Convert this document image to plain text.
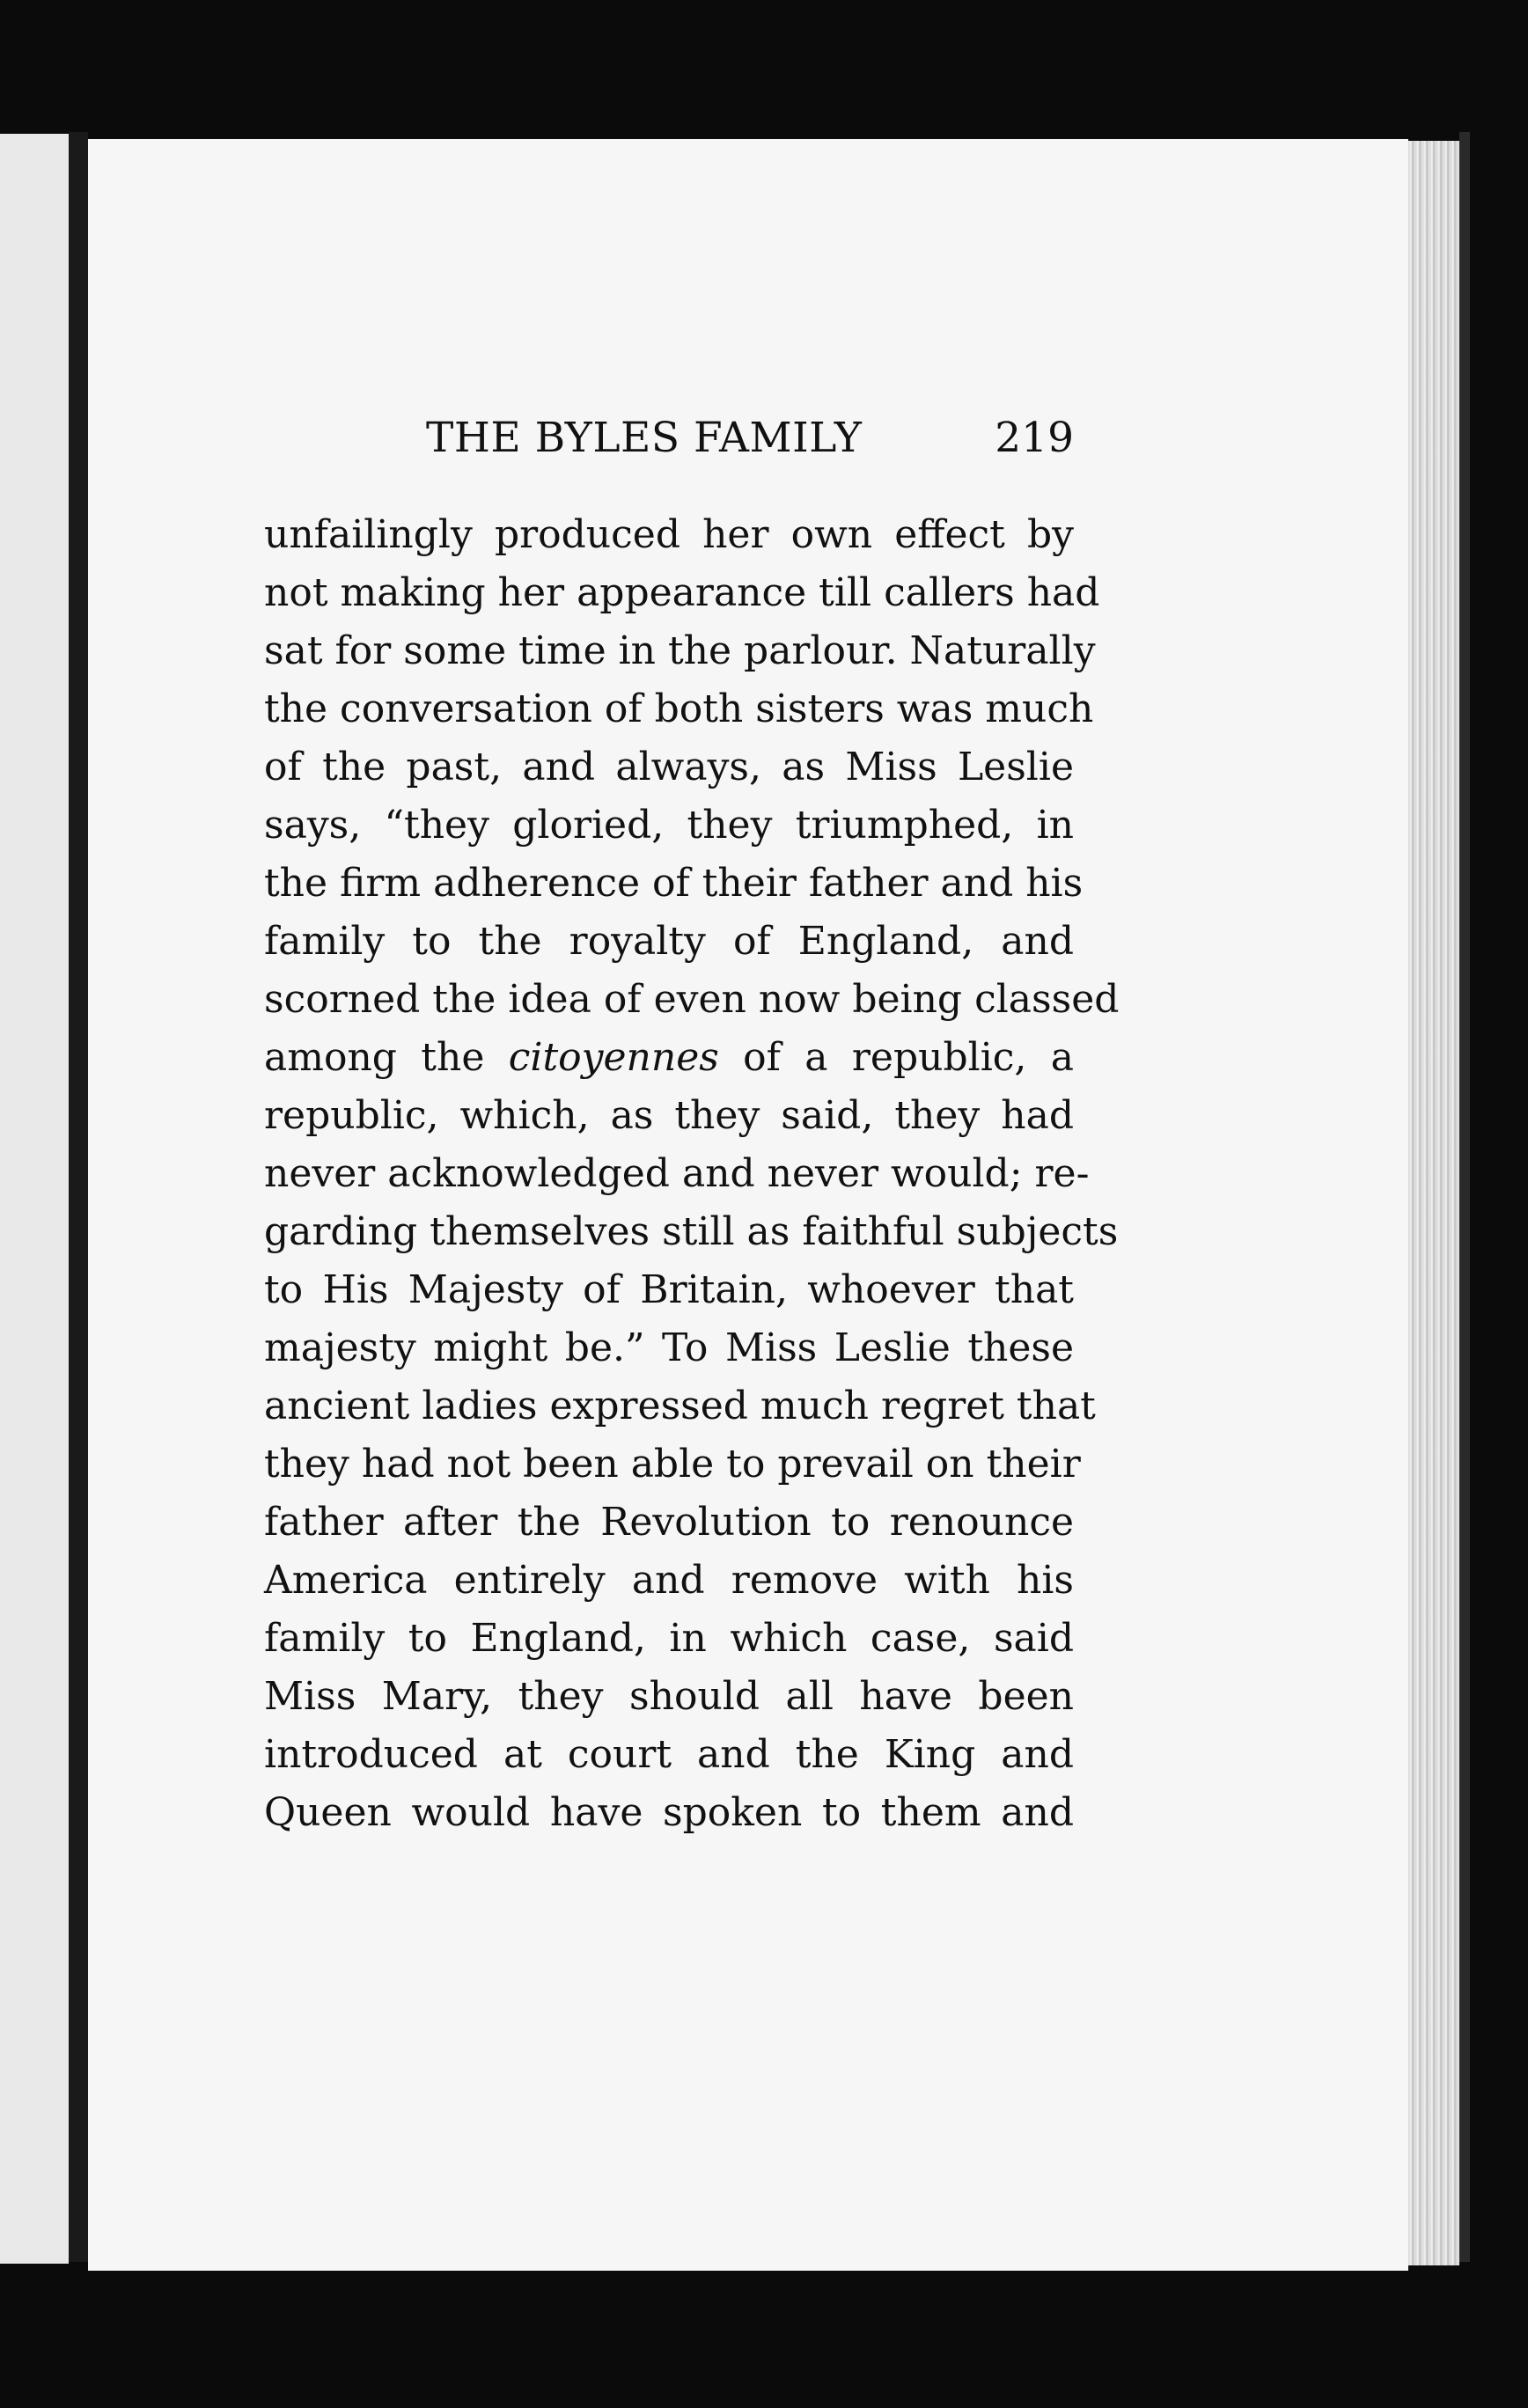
THE BYLES FAMILY	219
unfailingly produced her own effect by
not making her appearance till callers had
sat for some time in the parlour. Naturally
the conversation of both sisters was much
of the past, and always, as Miss Leslie
says, “they gloried, they triumphed, in
the firm adherence of their father and his
family to the royalty of England, and
scorned the idea of even now being classed
among the citoyennes of a republic, a
republic, which, as they said, they had
never acknowledged and never would; re-
garding themselves still as faithful subjects
to His Majesty of Britain, whoever that
majesty might be.” To Miss Leslie these
ancient ladies expressed much regret that
they had not been able to prevail on their
father after the Revolution to renounce
America entirely and remove with his
family to England, in which case, said
Miss Mary, they should all have been
introduced at court and the King and
Queen would have spoken to them and
